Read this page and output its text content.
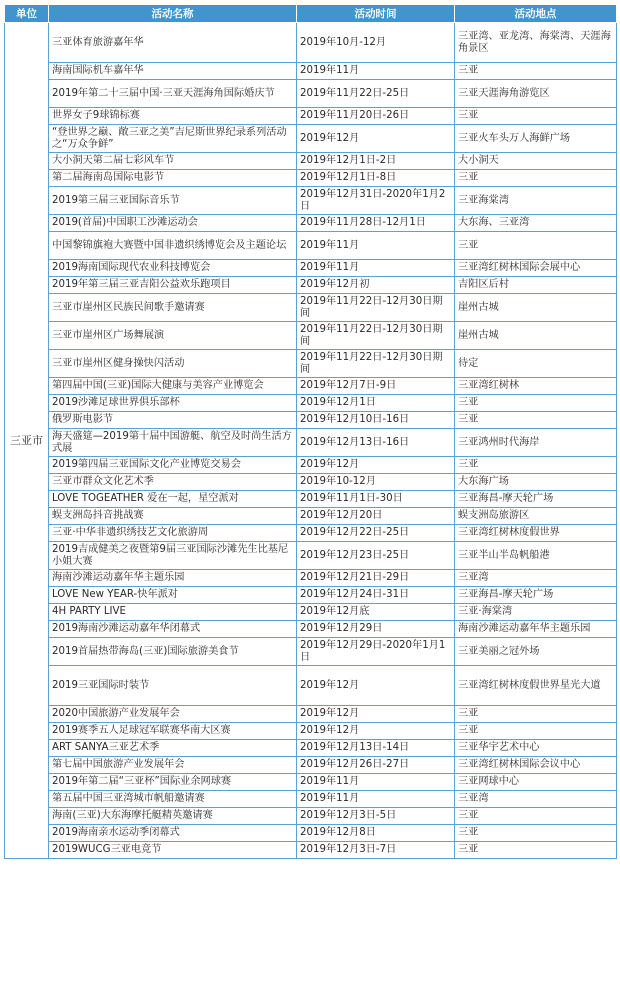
单位	活动名称	活动时间	活动地点
三亚市	三亚体育旅游嘉年华	2019年10月-12月	三亚湾、亚龙湾、海棠湾、天涯海角景区
	海南国际机车嘉年华	2019年11月	三亚
	2019年第二十三届中国·三亚天涯海角国际婚庆节	2019年11月22日-25日	三亚天涯海角游览区
	世界女子9球锦标赛	2019年11月20日-26日	三亚
	“登世界之巅、敞三亚之美”吉尼斯世界纪录系列活动之“万众争鲜”	2019年12月	三亚火车头万人海鲜广场
	大小洞天第二届七彩风车节	2019年12月1日-2日	大小洞天
	第二届海南岛国际电影节	2019年12月1日-8日	三亚
	2019第三届三亚国际音乐节	2019年12月31日-2020年1月2日	三亚海棠湾
	2019(首届)中国职工沙滩运动会	2019年11月28日-12月1日	大东海、三亚湾
	中国黎锦旗袍大赛暨中国非遗织绣博览会及主题论坛	2019年11月	三亚
	2019海南国际现代农业科技博览会	2019年11月	三亚湾红树林国际会展中心
	2019年第三届三亚吉阳公益欢乐跑项目	2019年12月初	吉阳区后村
	三亚市崖州区民族民间歌手邀请赛	2019年11月22日-12月30日期间	崖州古城
	三亚市崖州区广场舞展演	2019年11月22日-12月30日期间	崖州古城
	三亚市崖州区健身操快闪活动	2019年11月22日-12月30日期间	待定
	第四届中国(三亚)国际大健康与美容产业博览会	2019年12月7日-9日	三亚湾红树林
	2019沙滩足球世界俱乐部杯	2019年12月1日	三亚
	俄罗斯电影节	2019年12月10日-16日	三亚
	海天盛筵—2019第十届中国游艇、航空及时尚生活方式展	2019年12月13日-16日	三亚鸿州时代海岸
	2019第四届三亚国际文化产业博览交易会	2019年12月	三亚
	三亚市群众文化艺术季	2019年10-12月	大东海广场
	LOVE TOGEATHER 爱在一起，星空派对	2019年11月1日-30日	三亚海昌-摩天轮广场
	蜈支洲岛抖音挑战赛	2019年12月20日	蜈支洲岛旅游区
	三亚·中华非遗织绣技艺文化旅游周	2019年12月22日-25日	三亚湾红树林度假世界
	2019吉成健美之夜暨第9届三亚国际沙滩先生比基尼小姐大赛	2019年12月23日-25日	三亚半山半岛帆船港
	海南沙滩运动嘉年华主题乐园	2019年12月21日-29日	三亚湾
	LOVE New YEAR-快年派对	2019年12月24日-31日	三亚海昌-摩天轮广场
	4H PARTY LIVE	2019年12月底	三亚·海棠湾
	2019海南沙滩运动嘉年华闭幕式	2019年12月29日	海南沙滩运动嘉年华主题乐园
	2019首届热带海岛(三亚)国际旅游美食节	2019年12月29日-2020年1月1日	三亚美丽之冠外场
	2019三亚国际时装节	2019年12月	三亚湾红树林度假世界星光大道
	2020中国旅游产业发展年会	2019年12月	三亚
	2019赛季五人足球冠军联赛华南大区赛	2019年12月	三亚
	ART SANYA三亚艺术季	2019年12月13日-14日	三亚华宇艺术中心
	第七届中国旅游产业发展年会	2019年12月26日-27日	三亚湾红树林国际会议中心
	2019年第二届“三亚杯”国际业余网球赛	2019年11月	三亚网球中心
	第五届中国三亚湾城市帆船邀请赛	2019年11月	三亚湾
	海南(三亚)大东海摩托艇精英邀请赛	2019年12月3日-5日	三亚
	2019海南亲水运动季闭幕式	2019年12月8日	三亚
	2019WUCG三亚电竞节	2019年12月3日-7日	三亚
